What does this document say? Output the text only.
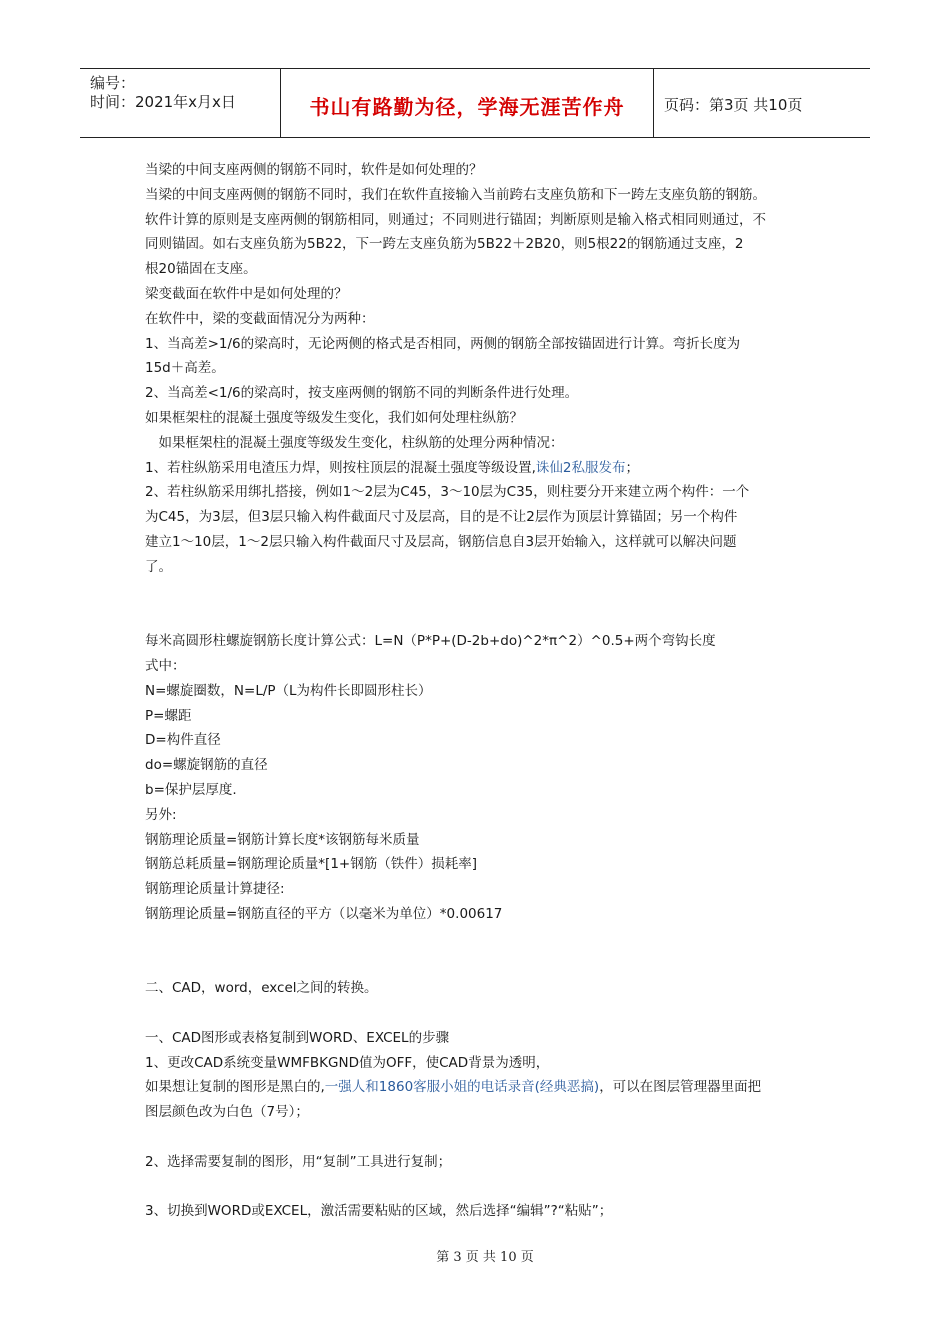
编号：
时间：2021年x月x日	书山有路勤为径，学海无涯苦作舟	页码：第3页 共10页
当梁的中间支座两侧的钢筋不同时，软件是如何处理的？
当梁的中间支座两侧的钢筋不同时，我们在软件直接输入当前跨右支座负筋和下一跨左支座负筋的钢筋。
软件计算的原则是支座两侧的钢筋相同，则通过；不同则进行锚固；判断原则是输入格式相同则通过，不
同则锚固。如右支座负筋为5B22，下一跨左支座负筋为5B22＋2B20，则5根22的钢筋通过支座，2
根20锚固在支座。
梁变截面在软件中是如何处理的？
在软件中，梁的变截面情况分为两种：
1、当高差>1/6的梁高时，无论两侧的格式是否相同，两侧的钢筋全部按锚固进行计算。弯折长度为
15d＋高差。
2、当高差<1/6的梁高时，按支座两侧的钢筋不同的判断条件进行处理。
如果框架柱的混凝土强度等级发生变化，我们如何处理柱纵筋？
　如果框架柱的混凝土强度等级发生变化，柱纵筋的处理分两种情况：
1、若柱纵筋采用电渣压力焊，则按柱顶层的混凝土强度等级设置,诛仙2私服发布；
2、若柱纵筋采用绑扎搭接，例如1～2层为C45，3～10层为C35，则柱要分开来建立两个构件：一个
为C45，为3层，但3层只输入构件截面尺寸及层高，目的是不让2层作为顶层计算锚固；另一个构件
建立1～10层，1～2层只输入构件截面尺寸及层高，钢筋信息自3层开始输入，这样就可以解决问题
了。
每米高圆形柱螺旋钢筋长度计算公式：L=N（P*P+(D-2b+do)^2*π^2）^0.5+两个弯钩长度
式中：
N=螺旋圈数，N=L/P（L为构件长即圆形柱长）
P=螺距
D=构件直径
do=螺旋钢筋的直径
b=保护层厚度.
另外:
钢筋理论质量=钢筋计算长度*该钢筋每米质量
钢筋总耗质量=钢筋理论质量*[1+钢筋（铁件）损耗率]
钢筋理论质量计算捷径:
钢筋理论质量=钢筋直径的平方（以毫米为单位）*0.00617
二、CAD，word，excel之间的转换。
一、CAD图形或表格复制到WORD、EXCEL的步骤
1、更改CAD系统变量WMFBKGND值为OFF，使CAD背景为透明，
如果想让复制的图形是黑白的,一强人和1860客服小姐的电话录音(经典恶搞)，可以在图层管理器里面把
图层颜色改为白色（7号）；
2、选择需要复制的图形，用“复制”工具进行复制；
3、切换到WORD或EXCEL，激活需要粘贴的区域，然后选择“编辑”?“粘贴”；
第 3 页 共 10 页
